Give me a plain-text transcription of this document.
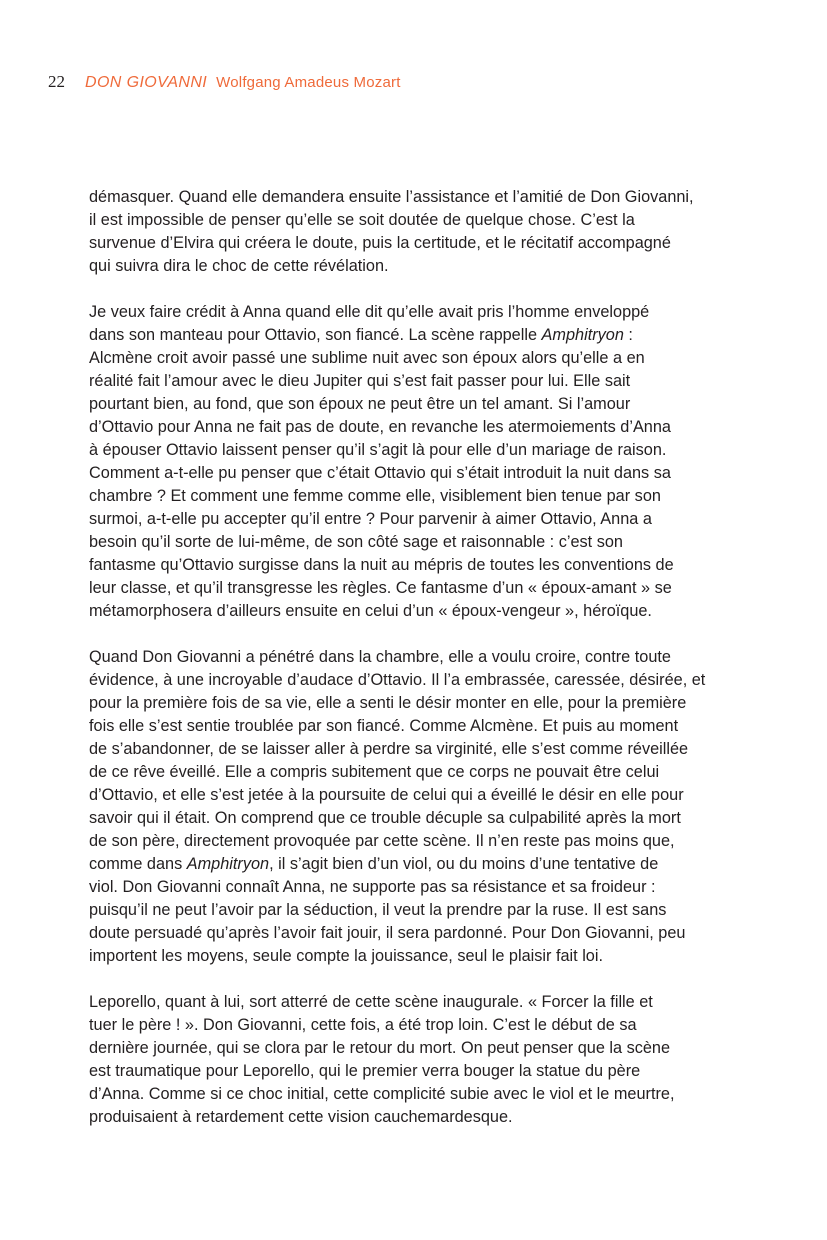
22 DON GIOVANNI Wolfgang Amadeus Mozart

démasquer. Quand elle demandera ensuite l’assistance et l’amitié de Don Giovanni,
il est impossible de penser qu’elle se soit doutée de quelque chose. C’est la
survenue d’Elvira qui créera le doute, puis la certitude, et le récitatif accompagné
qui suivra dira le choc de cette révélation.

Je veux faire crédit à Anna quand elle dit qu’elle avait pris l’homme enveloppé
dans son manteau pour Ottavio, son fiancé. La scène rappelle Amphitryon :
Alcmène croit avoir passé une sublime nuit avec son époux alors qu’elle a en
réalité fait l’amour avec le dieu Jupiter qui s’est fait passer pour lui. Elle sait
pourtant bien, au fond, que son époux ne peut être un tel amant. Si l’amour
d’Ottavio pour Anna ne fait pas de doute, en revanche les atermoiements d’Anna
à épouser Ottavio laissent penser qu’il s’agit là pour elle d’un mariage de raison.
Comment a-t-elle pu penser que c’était Ottavio qui s’était introduit la nuit dans sa
chambre ? Et comment une femme comme elle, visiblement bien tenue par son
surmoi, a-t-elle pu accepter qu’il entre ? Pour parvenir à aimer Ottavio, Anna a
besoin qu’il sorte de lui-même, de son côté sage et raisonnable : c’est son
fantasme qu’Ottavio surgisse dans la nuit au mépris de toutes les conventions de
leur classe, et qu’il transgresse les règles. Ce fantasme d’un « époux-amant » se
métamorphosera d’ailleurs ensuite en celui d’un « époux-vengeur », héroïque.

Quand Don Giovanni a pénétré dans la chambre, elle a voulu croire, contre toute
évidence, à une incroyable d’audace d’Ottavio. Il l’a embrassée, caressée, désirée, et
pour la première fois de sa vie, elle a senti le désir monter en elle, pour la première
fois elle s’est sentie troublée par son fiancé. Comme Alcmène. Et puis au moment
de s’abandonner, de se laisser aller à perdre sa virginité, elle s’est comme réveillée
de ce rêve éveillé. Elle a compris subitement que ce corps ne pouvait être celui
d’Ottavio, et elle s’est jetée à la poursuite de celui qui a éveillé le désir en elle pour
savoir qui il était. On comprend que ce trouble décuple sa culpabilité après la mort
de son père, directement provoquée par cette scène. Il n’en reste pas moins que,
comme dans Amphitryon, il s’agit bien d’un viol, ou du moins d’une tentative de
viol. Don Giovanni connaît Anna, ne supporte pas sa résistance et sa froideur :
puisqu’il ne peut l’avoir par la séduction, il veut la prendre par la ruse. Il est sans
doute persuadé qu’après l’avoir fait jouir, il sera pardonné. Pour Don Giovanni, peu
importent les moyens, seule compte la jouissance, seul le plaisir fait loi.

Leporello, quant à lui, sort atterré de cette scène inaugurale. « Forcer la fille et
tuer le père ! ». Don Giovanni, cette fois, a été trop loin. C’est le début de sa
dernière journée, qui se clora par le retour du mort. On peut penser que la scène
est traumatique pour Leporello, qui le premier verra bouger la statue du père
d’Anna. Comme si ce choc initial, cette complicité subie avec le viol et le meurtre,
produisaient à retardement cette vision cauchemardesque.
